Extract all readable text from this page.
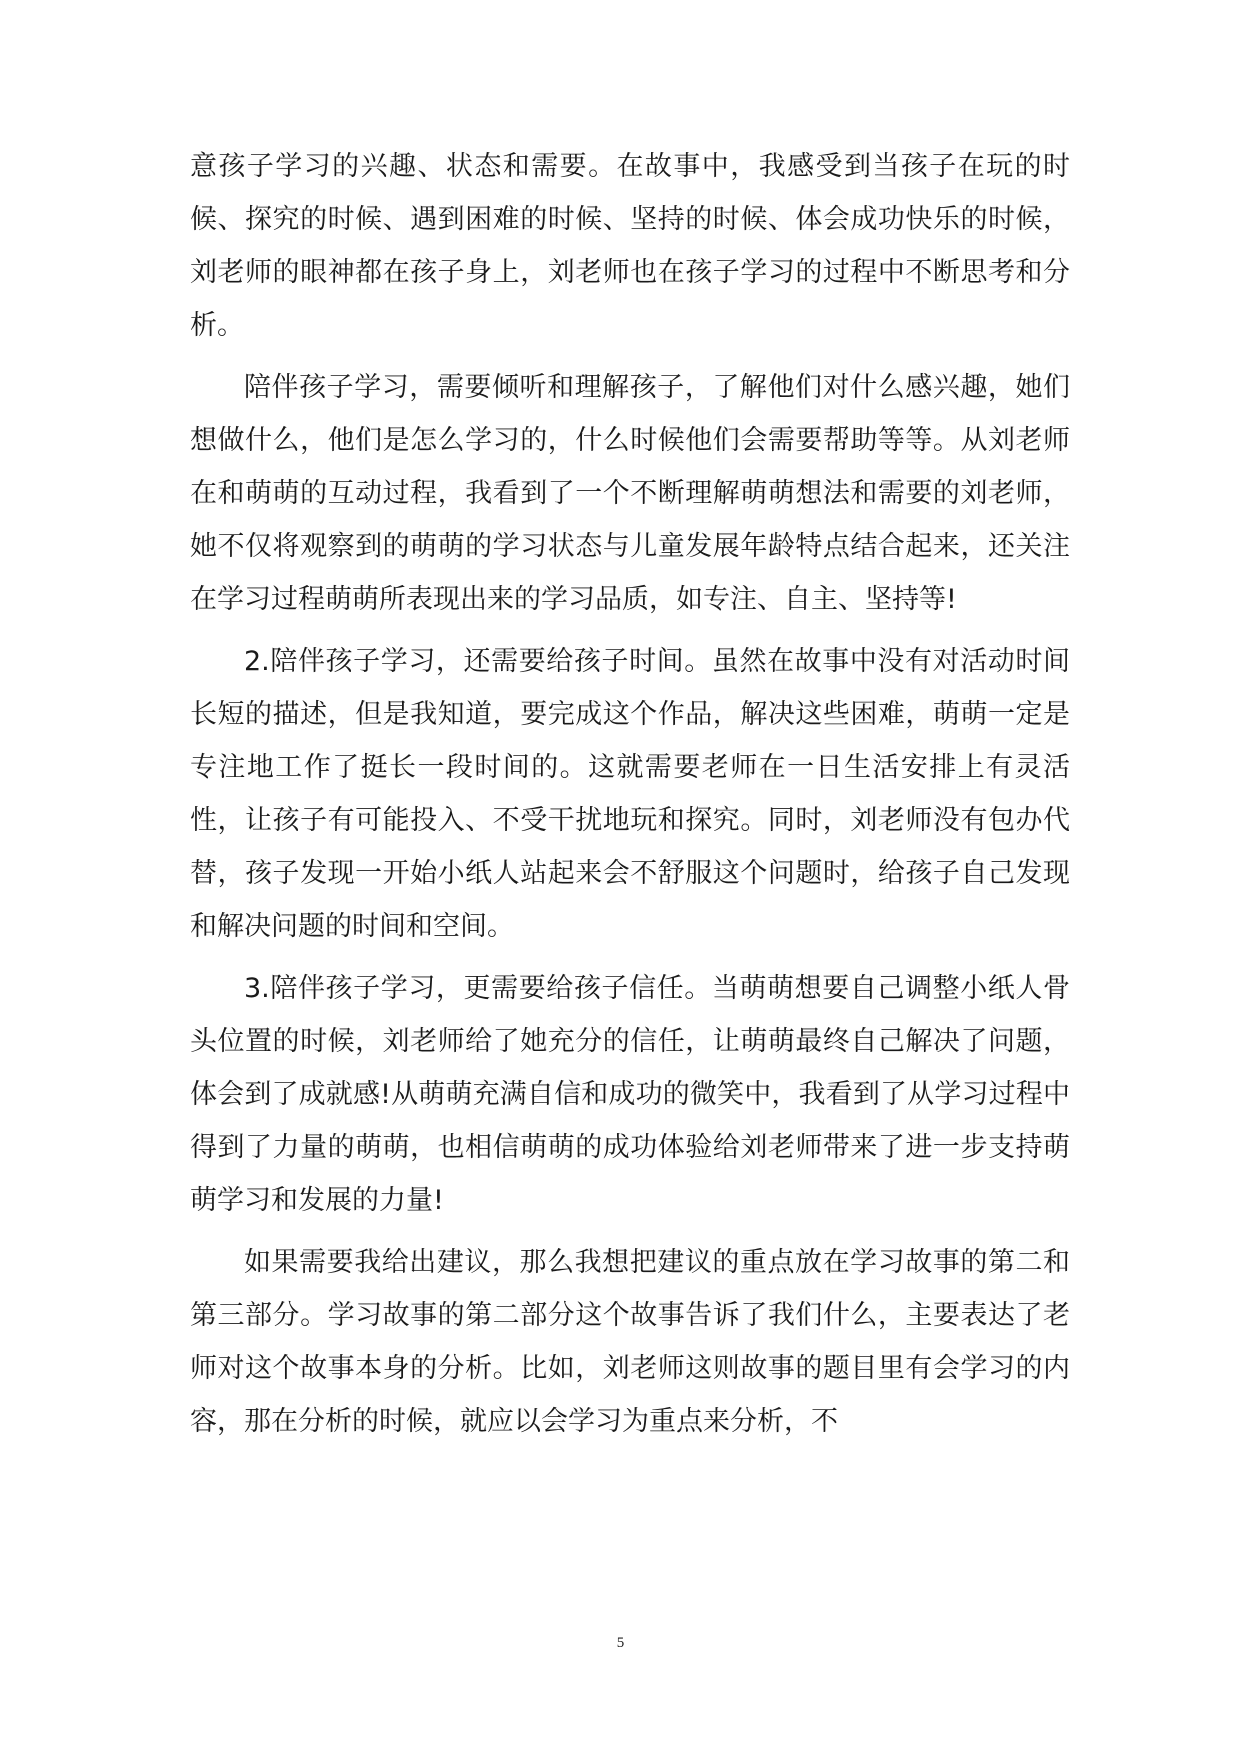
意孩子学习的兴趣、状态和需要。在故事中，我感受到当孩子在玩的时候、探究的时候、遇到困难的时候、坚持的时候、体会成功快乐的时候，刘老师的眼神都在孩子身上，刘老师也在孩子学习的过程中不断思考和分析。

陪伴孩子学习，需要倾听和理解孩子，了解他们对什么感兴趣，她们想做什么，他们是怎么学习的，什么时候他们会需要帮助等等。从刘老师在和萌萌的互动过程，我看到了一个不断理解萌萌想法和需要的刘老师，她不仅将观察到的萌萌的学习状态与儿童发展年龄特点结合起来，还关注在学习过程萌萌所表现出来的学习品质，如专注、自主、坚持等!

2.陪伴孩子学习，还需要给孩子时间。虽然在故事中没有对活动时间长短的描述，但是我知道，要完成这个作品，解决这些困难，萌萌一定是专注地工作了挺长一段时间的。这就需要老师在一日生活安排上有灵活性，让孩子有可能投入、不受干扰地玩和探究。同时，刘老师没有包办代替，孩子发现一开始小纸人站起来会不舒服这个问题时，给孩子自己发现和解决问题的时间和空间。

3.陪伴孩子学习，更需要给孩子信任。当萌萌想要自己调整小纸人骨头位置的时候，刘老师给了她充分的信任，让萌萌最终自己解决了问题，体会到了成就感!从萌萌充满自信和成功的微笑中，我看到了从学习过程中得到了力量的萌萌，也相信萌萌的成功体验给刘老师带来了进一步支持萌萌学习和发展的力量!

如果需要我给出建议，那么我想把建议的重点放在学习故事的第二和第三部分。学习故事的第二部分这个故事告诉了我们什么，主要表达了老师对这个故事本身的分析。比如，刘老师这则故事的题目里有会学习的内容，那在分析的时候，就应以会学习为重点来分析，不

5
